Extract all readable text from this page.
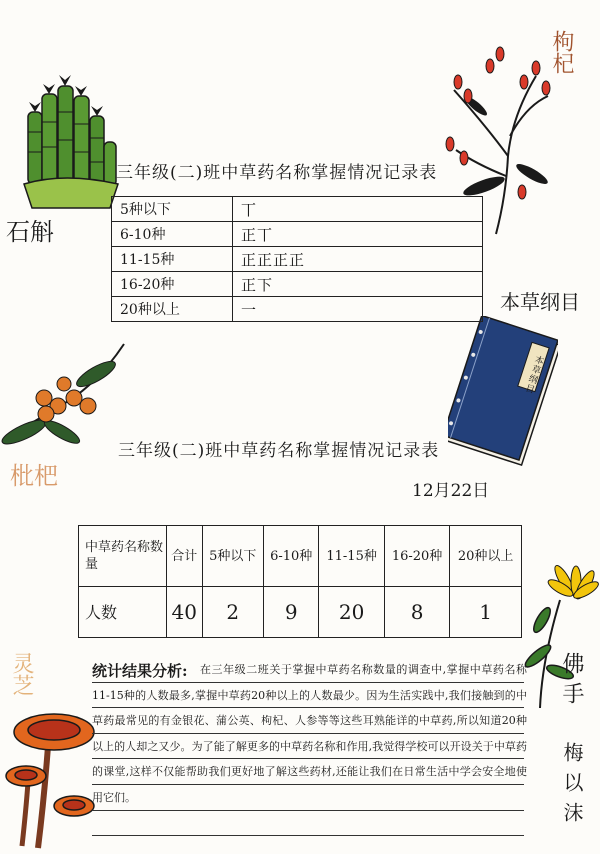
石斛
枸杞
枇杷
本草纲目
本草纲目
灵芝	佛手
梅以沫
三年级(二)班中草药名称掌握情况记录表
5种以下	丅
6-10种	正丅
11-15种	正正正正
16-20种	正下
20种以上	一
三年级(二)班中草药名称掌握情况记录表
12月22日
中草药名称数量	合计	5种以下	6-10种	11-15种	16-20种	20种以上
人数	40	2	9	20	8	1
统计结果分析:	在三年级二班关于掌握中草药名称数量的调查中,掌握中草药名称11-15种的人数最多,掌握中草药20种以上的人数最少。因为生活实践中,我们接触到的中草药最常见的有金银花、蒲公英、枸杞、人参等等这些耳熟能详的中草药,所以知道20种以上的人却之又少。为了能了解更多的中草药名称和作用,我觉得学校可以开设关于中草药的课堂,这样不仅能帮助我们更好地了解这些药材,还能让我们在日常生活中学会安全地使用它们。
